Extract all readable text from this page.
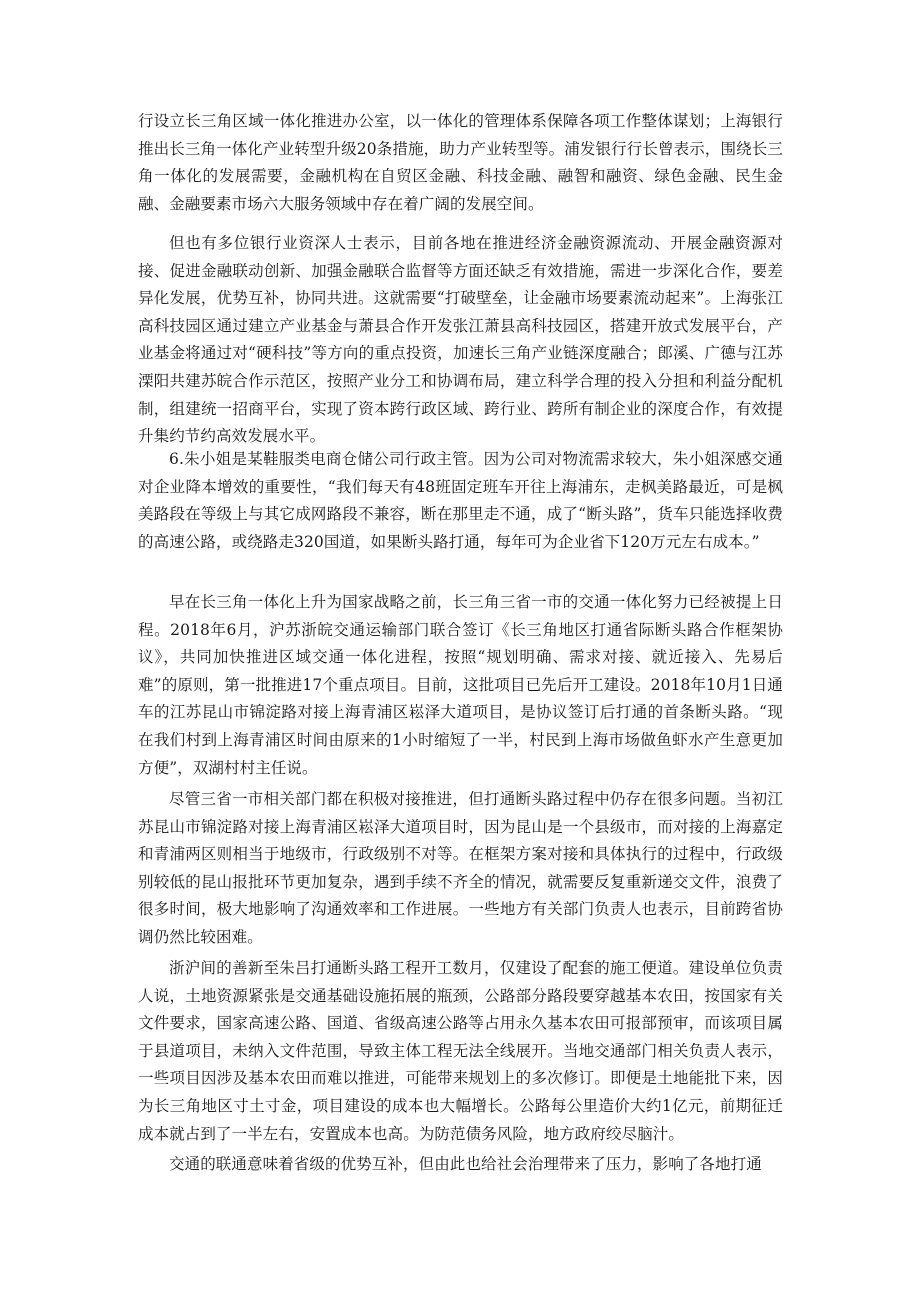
行设立长三角区域一体化推进办公室，以一体化的管理体系保障各项工作整体谋划；上海银行推出长三角一体化产业转型升级20条措施，助力产业转型等。浦发银行行长曾表示，围绕长三角一体化的发展需要，金融机构在自贸区金融、科技金融、融智和融资、绿色金融、民生金融、金融要素市场六大服务领域中存在着广阔的发展空间。

但也有多位银行业资深人士表示，目前各地在推进经济金融资源流动、开展金融资源对接、促进金融联动创新、加强金融联合监督等方面还缺乏有效措施，需进一步深化合作，要差异化发展，优势互补，协同共进。这就需要“打破壁垒，让金融市场要素流动起来”。上海张江高科技园区通过建立产业基金与萧县合作开发张江萧县高科技园区，搭建开放式发展平台，产业基金将通过对“硬科技”等方向的重点投资，加速长三角产业链深度融合；郎溪、广德与江苏溧阳共建苏皖合作示范区，按照产业分工和协调布局，建立科学合理的投入分担和利益分配机制，组建统一招商平台，实现了资本跨行政区域、跨行业、跨所有制企业的深度合作，有效提升集约节约高效发展水平。

6.朱小姐是某鞋服类电商仓储公司行政主管。因为公司对物流需求较大，朱小姐深感交通对企业降本增效的重要性，“我们每天有48班固定班车开往上海浦东，走枫美路最近，可是枫美路段在等级上与其它成网路段不兼容，断在那里走不通，成了“断头路”，货车只能选择收费的高速公路，或绕路走320国道，如果断头路打通，每年可为企业省下120万元左右成本。”

早在长三角一体化上升为国家战略之前，长三角三省一市的交通一体化努力已经被提上日程。2018年6月，沪苏浙皖交通运输部门联合签订《长三角地区打通省际断头路合作框架协议》，共同加快推进区域交通一体化进程，按照“规划明确、需求对接、就近接入、先易后难”的原则，第一批推进17个重点项目。目前，这批项目已先后开工建设。2018年10月1日通车的江苏昆山市锦淀路对接上海青浦区崧泽大道项目，是协议签订后打通的首条断头路。“现在我们村到上海青浦区时间由原来的1小时缩短了一半，村民到上海市场做鱼虾水产生意更加方便”，双湖村村主任说。

尽管三省一市相关部门都在积极对接推进，但打通断头路过程中仍存在很多问题。当初江苏昆山市锦淀路对接上海青浦区崧泽大道项目时，因为昆山是一个县级市，而对接的上海嘉定和青浦两区则相当于地级市，行政级别不对等。在框架方案对接和具体执行的过程中，行政级别较低的昆山报批环节更加复杂，遇到手续不齐全的情况，就需要反复重新递交文件，浪费了很多时间，极大地影响了沟通效率和工作进展。一些地方有关部门负责人也表示，目前跨省协调仍然比较困难。

浙沪间的善新至朱吕打通断头路工程开工数月，仅建设了配套的施工便道。建设单位负责人说，土地资源紧张是交通基础设施拓展的瓶颈，公路部分路段要穿越基本农田，按国家有关文件要求，国家高速公路、国道、省级高速公路等占用永久基本农田可报部预审，而该项目属于县道项目，未纳入文件范围，导致主体工程无法全线展开。当地交通部门相关负责人表示，一些项目因涉及基本农田而难以推进，可能带来规划上的多次修订。即便是土地能批下来，因为长三角地区寸土寸金，项目建设的成本也大幅增长。公路每公里造价大约1亿元，前期征迁成本就占到了一半左右，安置成本也高。为防范债务风险，地方政府绞尽脑汁。

交通的联通意味着省级的优势互补，但由此也给社会治理带来了压力，影响了各地打通
